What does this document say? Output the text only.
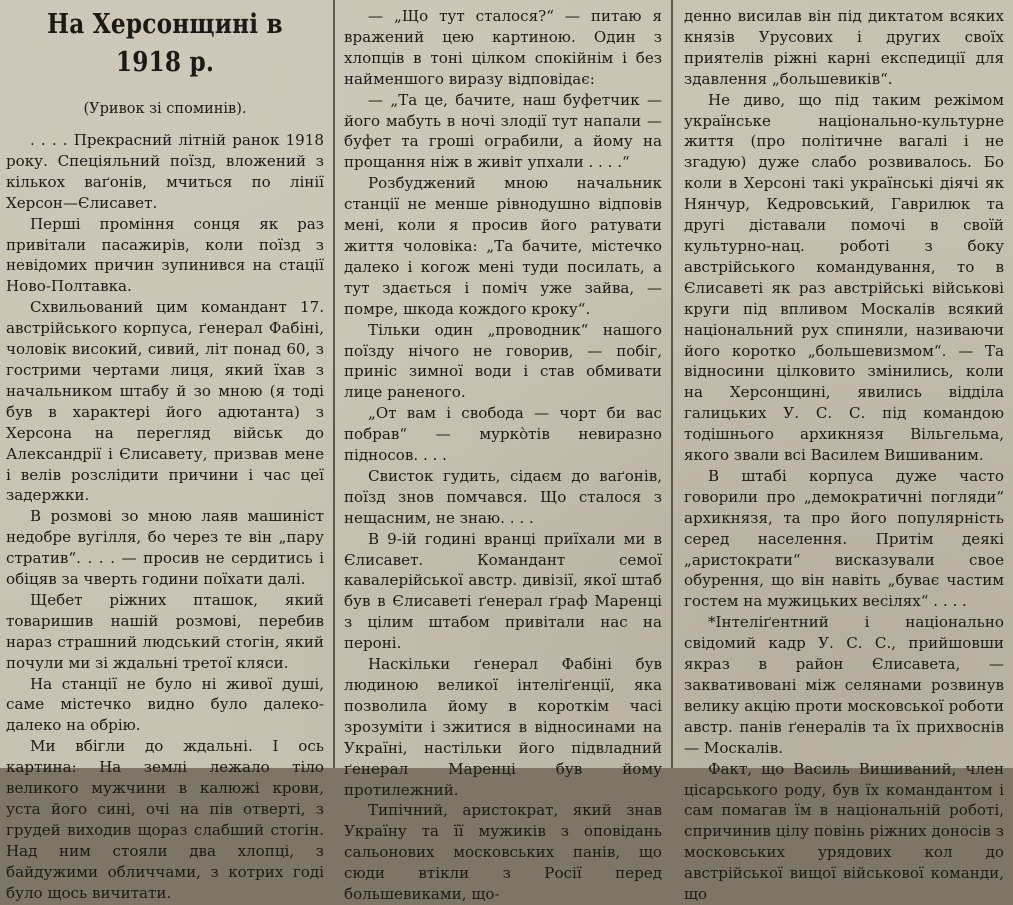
На Херсонщині в 1918 р.
(Уривок зі споминів).

. . . . Прекрасний літній ранок 1918 року. Спеціяльний поїзд, вложений з кількох ваґонів, мчиться по лінії Херсон—Єлисавет.

Перші проміння сонця як раз привітали пасажирів, коли поїзд з невідомих причин зупинився на стації Ново-Полтавка.

Схвильований цим командант 17. австрійського корпуса, ґенерал Фабіні, чоловік високий, сивий, літ понад 60, з гострими чертами лиця, який їхав з начальником штабу й зо мною (я тоді був в характері його адютанта) з Херсона на перегляд військ до Александрії і Єлисавету, призвав мене і велів розслідити причини і час цеї задержки.

В розмові зо мною лаяв машиніст недобре вугілля, бо через те він „пару стратив“. . . . — просив не сердитись і обіцяв за чверть години поїхати далі.

Щебет ріжних пташок, який товаришив нашій розмові, перебив нараз страшний людський стогін, який почули ми зі ждальні третої кляси.

На станції не було ні живої душі, саме містечко видно було далеко-далеко на обрію.

Ми вбігли до ждальні. І ось картина: На землі лежало тіло великого мужчини в калюжі крови, уста його сині, очі на пів отверті, з грудей виходив щораз слабший стогін. Над ним стояли два хлопці, з байдужими обличчами, з котрих годі було щось вичитати.

— „Що тут сталося?“ — питаю я вражений цею картиною. Один з хлопців в тоні цілком спокійнім і без найменшого виразу відповідає:

— „Та це, бачите, наш буфетчик — його мабуть в ночі злодії тут напали — буфет та гроші ограбили, а йому на прощання ніж в живіт упхали . . . .“

Розбуджений мною начальник станції не менше рівнодушно відповів мені, коли я просив його ратувати життя чоловіка: „Та бачите, містечко далеко і когож мені туди посилать, а тут здається і поміч уже зайва, — помре, шкода кождого кроку“.

Тільки один „проводник“ нашого поїзду нічого не говорив, — побіг, приніс зимної води і став обмивати лице раненого.

„От вам і свобода — чорт би вас побрав“ — мурко̀тів невиразно підносов. . . .

Свисток гудить, сідаєм до ваґонів, поїзд знов помчався. Що сталося з нещасним, не знаю. . . .

В 9-ій годині вранці приїхали ми в Єлисавет. Командант семої кавалерійської австр. дивізії, якої штаб був в Єлисаветі ґенерал ґраф Маренці з цілим штабом привітали нас на пероні.

Наскільки ґенерал Фабіні був людиною великої інтеліґенції, яка позволила йому в короткім часі зрозуміти і зжитися в відносинами на Україні, настільки його підвладний ґенерал Маренці був йому протилежний.

Типічний, аристократ, який знав Україну та її мужиків з оповідань сальонових московських панів, що сюди втікли з Росії перед большевиками, що-

денно висилав він під диктатом всяких князів Урусових і других своїх приятелів ріжні карні експедиції для здавлення „большевиків“.

Не диво, що під таким режімом українське національно-культурне життя (про політичне вагалі і не згадую) дуже слабо розвивалось. Бо коли в Херсоні такі українські діячі як Нянчур, Кедровський, Гаврилюк та другі діставали помочі в своїй культурно-нац. роботі з боку австрійського командування, то в Єлисаветі як раз австрійські військові круги під впливом Москалів всякий національний рух спиняли, називаючи його коротко „большевизмом“. — Та відносини цілковито змінились, коли на Херсонщині, явились відділа галицьких У. С. С. під командою тодішнього архикнязя Вільгельма, якого звали всі Василем Вишиваним.

В штабі корпуса дуже часто говорили про „демократичні погляди“ архикнязя, та про його популярність серед населення. Притім деякі „аристократи“ висказували свое обурення, що він навіть „буває частим гостем на мужицьких весілях“ . . . .

*Інтеліґентний і національно свідомий кадр У. С. С., прийшовши якраз в район Єлисавета, — заквативовані між селянами розвинув велику акцію проти московської роботи австр. панів ґенералів та їх прихвоснів — Москалів.

Факт, що Василь Вишиваний, член цісарського роду, був їх командантом і сам помагав їм в національній роботі, спричинив цілу повінь ріжних доносів з московських урядових кол до австрійської вищої військової команди, що
